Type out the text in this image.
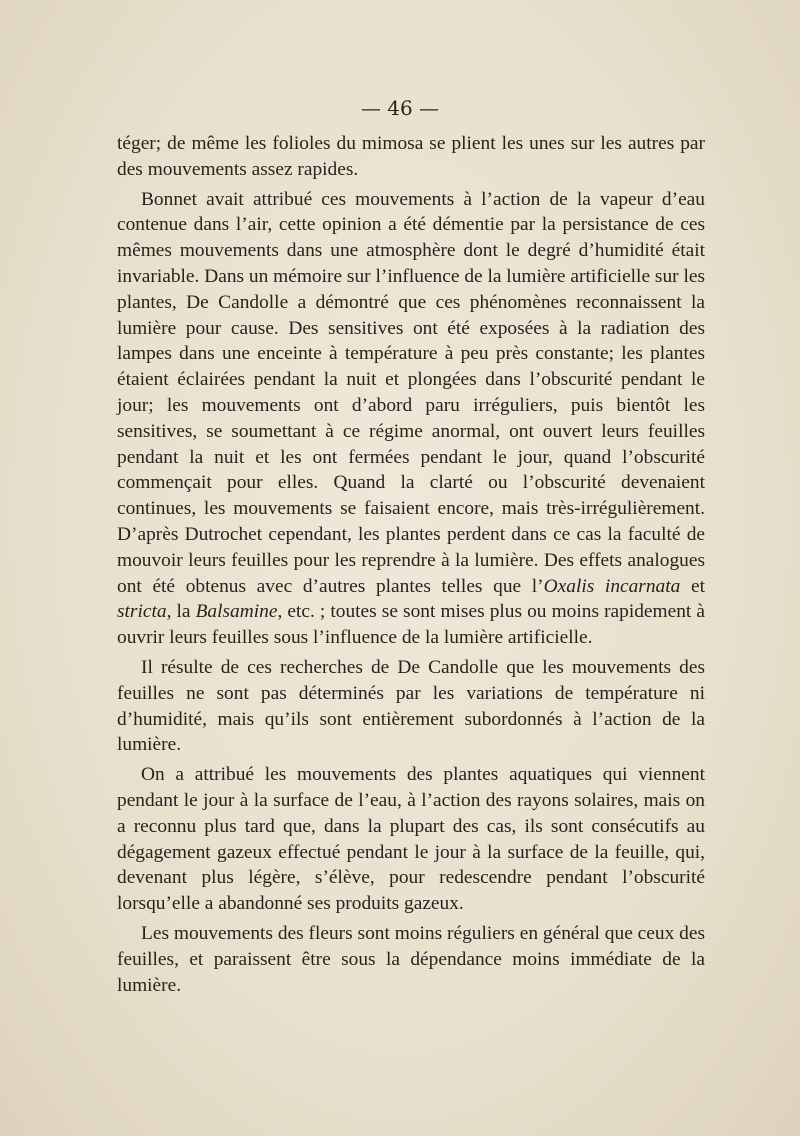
— 46 —

téger; de même les folioles du mimosa se plient les unes sur les autres par des mouvements assez rapides.

Bonnet avait attribué ces mouvements à l’action de la vapeur d’eau contenue dans l’air, cette opinion a été démentie par la persistance de ces mêmes mouvements dans une atmosphère dont le degré d’humidité était invariable. Dans un mémoire sur l’influence de la lumière artificielle sur les plantes, De Candolle a démontré que ces phénomènes reconnaissent la lumière pour cause. Des sensitives ont été exposées à la radiation des lampes dans une enceinte à température à peu près constante; les plantes étaient éclairées pendant la nuit et plongées dans l’obscurité pendant le jour; les mouvements ont d’abord paru irréguliers, puis bientôt les sensitives, se soumettant à ce régime anormal, ont ouvert leurs feuilles pendant la nuit et les ont fermées pendant le jour, quand l’obscurité commençait pour elles. Quand la clarté ou l’obscurité devenaient continues, les mouvements se faisaient encore, mais très-irrégulièrement. D’après Dutrochet cependant, les plantes perdent dans ce cas la faculté de mouvoir leurs feuilles pour les reprendre à la lumière. Des effets analogues ont été obtenus avec d’autres plantes telles que l’Oxalis incarnata et stricta, la Balsamine, etc. ; toutes se sont mises plus ou moins rapidement à ouvrir leurs feuilles sous l’influence de la lumière artificielle.

Il résulte de ces recherches de De Candolle que les mouvements des feuilles ne sont pas déterminés par les variations de température ni d’humidité, mais qu’ils sont entièrement subordonnés à l’action de la lumière.

On a attribué les mouvements des plantes aquatiques qui viennent pendant le jour à la surface de l’eau, à l’action des rayons solaires, mais on a reconnu plus tard que, dans la plupart des cas, ils sont consécutifs au dégagement gazeux effectué pendant le jour à la surface de la feuille, qui, devenant plus légère, s’élève, pour redescendre pendant l’obscurité lorsqu’elle a abandonné ses produits gazeux.

Les mouvements des fleurs sont moins réguliers en général que ceux des feuilles, et paraissent être sous la dépendance moins immédiate de la lumière.
